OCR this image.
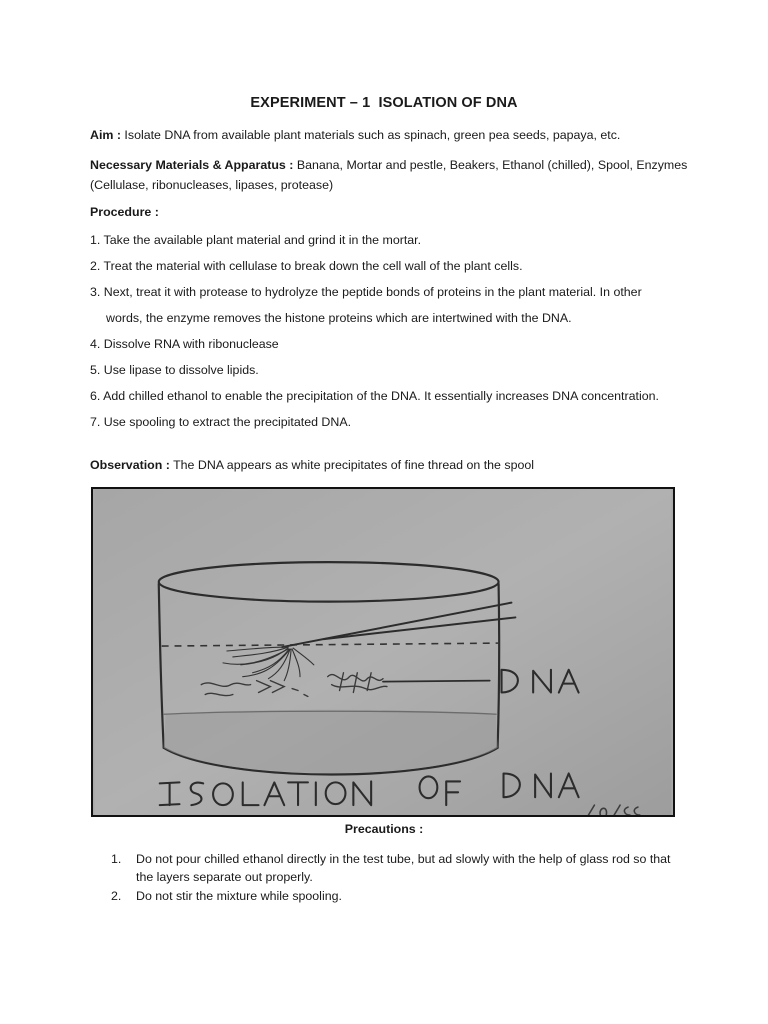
EXPERIMENT – 1  ISOLATION OF DNA
Aim : Isolate DNA from available plant materials such as spinach, green pea seeds, papaya, etc.
Necessary Materials & Apparatus : Banana, Mortar and pestle, Beakers, Ethanol (chilled), Spool, Enzymes (Cellulase, ribonucleases, lipases, protease)
Procedure :
1. Take the available plant material and grind it in the mortar.
2. Treat the material with cellulase to break down the cell wall of the plant cells.
3. Next, treat it with protease to hydrolyze the peptide bonds of proteins in the plant material. In other
words, the enzyme removes the histone proteins which are intertwined with the DNA.
4. Dissolve RNA with ribonuclease
5. Use lipase to dissolve lipids.
6. Add chilled ethanol to enable the precipitation of the DNA. It essentially increases DNA concentration.
7. Use spooling to extract the precipitated DNA.
Observation : The DNA appears as white precipitates of fine thread on the spool
Precautions :
1. Do not pour chilled ethanol directly in the test tube, but ad slowly with the help of glass rod so that the layers separate out properly.
2. Do not stir the mixture while spooling.
